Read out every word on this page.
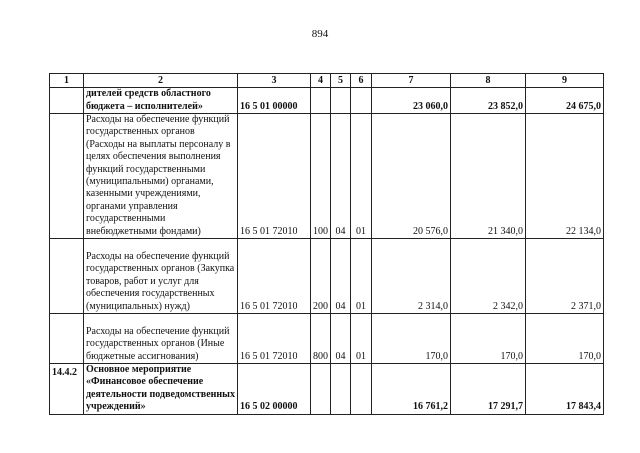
894
1	2	3	4	5	6	7	8	9
	дителей средств областного бюджета – исполнителей»	16 5 01 00000				23 060,0	23 852,0	24 675,0
	Расходы на обеспечение функций государственных органов (Расходы на выплаты персоналу в целях обеспечения выполнения функций государственными (муниципальными) органами, казенными учреждениями, органами управления государственными внебюджетными фондами)	16 5 01 72010	100	04	01	20 576,0	21 340,0	22 134,0
	Расходы на обеспечение функций государственных органов (Закупка товаров, работ и услуг для обеспечения государственных (муниципальных) нужд)	16 5 01 72010	200	04	01	2 314,0	2 342,0	2 371,0
	Расходы на обеспечение функций государственных органов (Иные бюджетные ассигнования)	16 5 01 72010	800	04	01	170,0	170,0	170,0
14.4.2	Основное мероприятие «Финансовое обеспечение деятельности подведомственных учреждений»	16 5 02 00000				16 761,2	17 291,7	17 843,4
